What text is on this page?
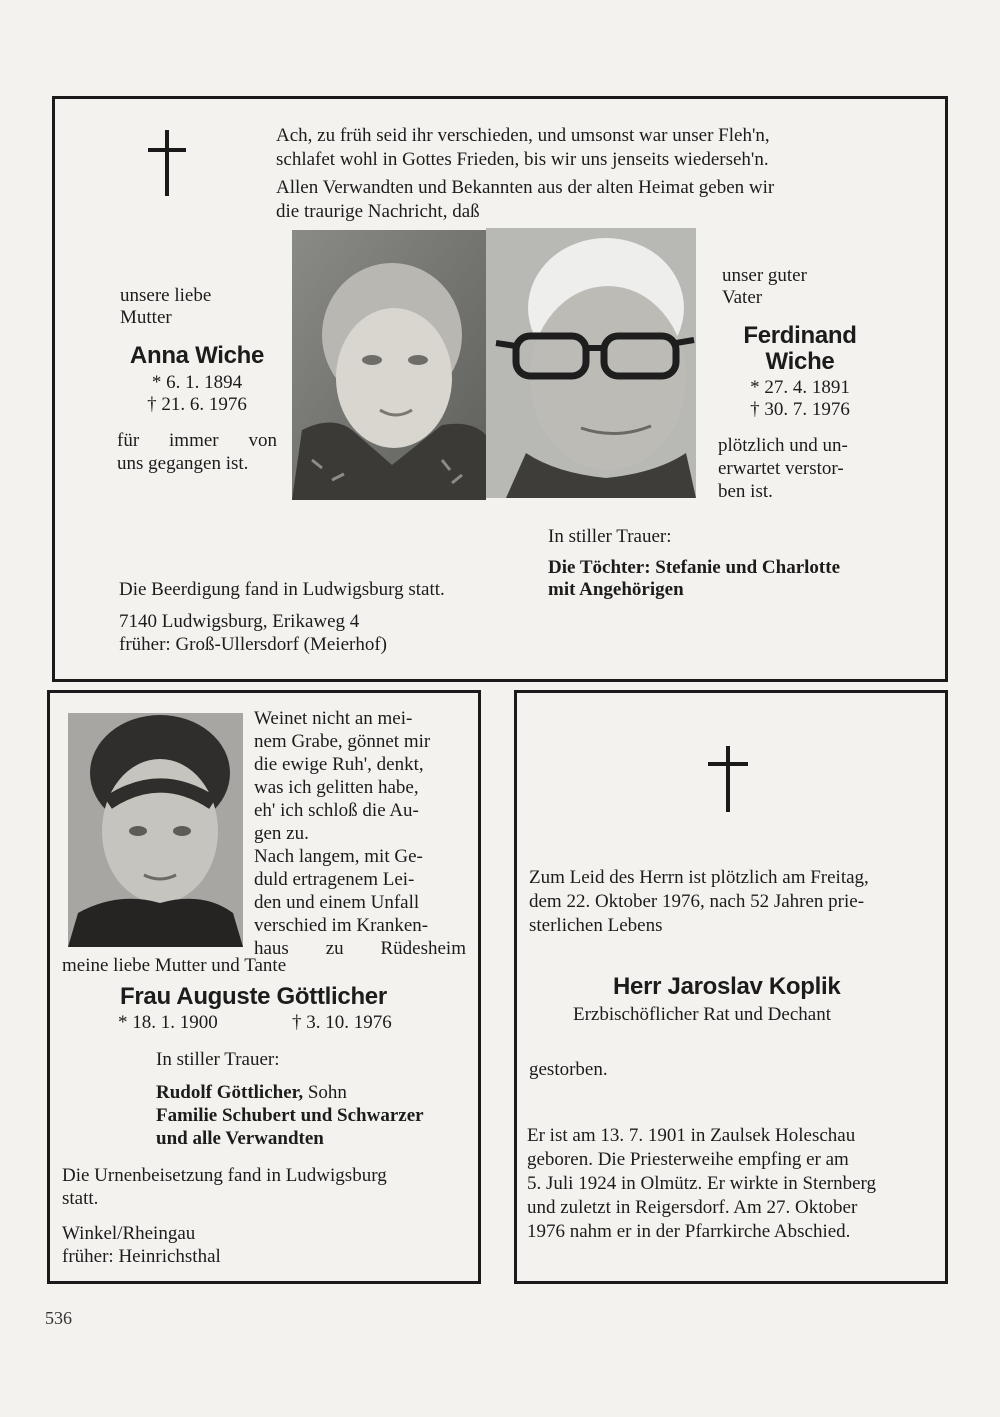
Ach, zu früh seid ihr verschieden, und umsonst war unser Fleh'n,
schlafet wohl in Gottes Frieden, bis wir uns jenseits wiederseh'n.
Allen Verwandten und Bekannten aus der alten Heimat geben wir
die traurige Nachricht, daß
unsere liebe
Mutter
Anna Wiche
* 6. 1. 1894
† 21. 6. 1976
für immer von
uns gegangen ist.
unser guter
Vater
Ferdinand
Wiche
* 27. 4. 1891
† 30. 7. 1976
plötzlich und un-
erwartet verstor-
ben ist.
In stiller Trauer:
Die Töchter: Stefanie und Charlotte
mit Angehörigen
Die Beerdigung fand in Ludwigsburg statt.
7140 Ludwigsburg, Erikaweg 4
früher: Groß-Ullersdorf (Meierhof)
Weinet nicht an mei-
nem Grabe, gönnet mir
die ewige Ruh', denkt,
was ich gelitten habe,
eh' ich schloß die Au-
gen zu.
Nach langem, mit Ge-
duld ertragenem Lei-
den und einem Unfall
verschied im Kranken-
haus zu Rüdesheim
meine liebe Mutter und Tante
Frau Auguste Göttlicher
* 18. 1. 1900	† 3. 10. 1976
In stiller Trauer:
Rudolf Göttlicher, Sohn
Familie Schubert und Schwarzer
und alle Verwandten
Die Urnenbeisetzung fand in Ludwigsburg
statt.
Winkel/Rheingau
früher: Heinrichsthal
Zum Leid des Herrn ist plötzlich am Freitag,
dem 22. Oktober 1976, nach 52 Jahren prie-
sterlichen Lebens
Herr Jaroslav Koplik
Erzbischöflicher Rat und Dechant
gestorben.
Er ist am 13. 7. 1901 in Zaulsek Holeschau
geboren. Die Priesterweihe empfing er am
5. Juli 1924 in Olmütz. Er wirkte in Sternberg
und zuletzt in Reigersdorf. Am 27. Oktober
1976 nahm er in der Pfarrkirche Abschied.
536
